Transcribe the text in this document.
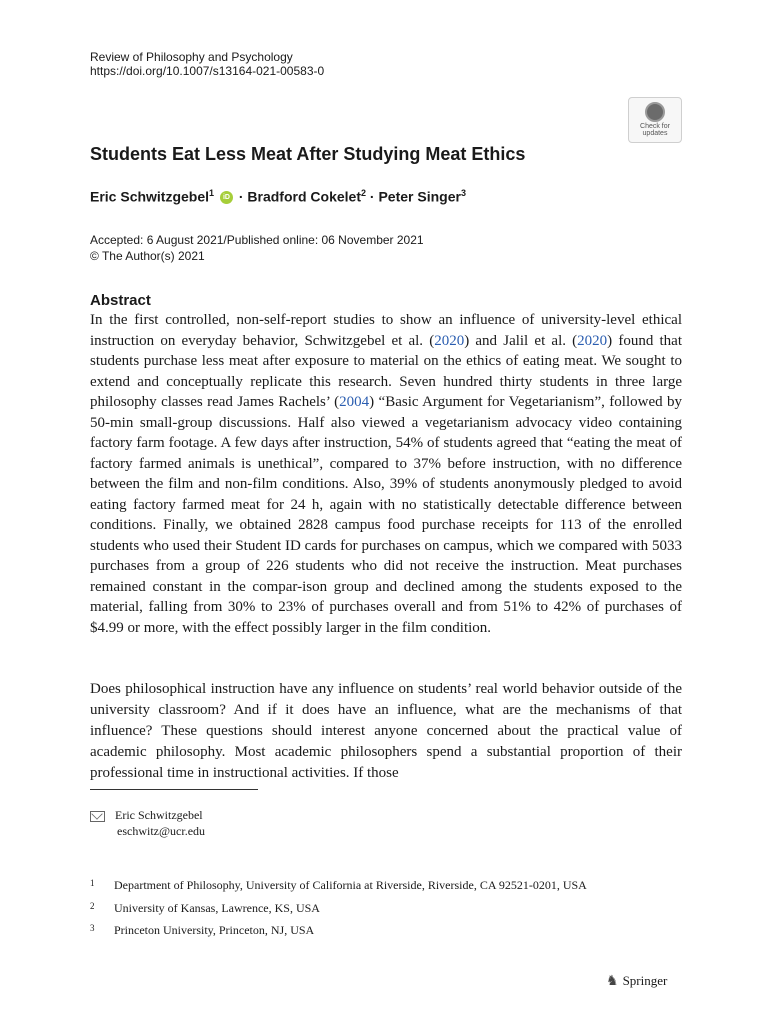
Review of Philosophy and Psychology
https://doi.org/10.1007/s13164-021-00583-0
Check for
updates
Students Eat Less Meat After Studying Meat Ethics
Eric Schwitzgebel$^1$ iD · Bradford Cokelet$^2$ · Peter Singer$^3$
Accepted: 6 August 2021/Published online: 06 November 2021
© The Author(s) 2021
Abstract

In the first controlled, non-self-report studies to show an influence of university-level ethical instruction on everyday behavior, Schwitzgebel et al. (2020) and Jalil et al. (2020) found that students purchase less meat after exposure to material on the ethics of eating meat. We sought to extend and conceptually replicate this research. Seven hundred thirty students in three large philosophy classes read James Rachels’ (2004) “Basic Argument for Vegetarianism”, followed by 50-min small-group discussions. Half also viewed a vegetarianism advocacy video containing factory farm footage. A few days after instruction, 54% of students agreed that “eating the meat of factory farmed animals is unethical”, compared to 37% before instruction, with no difference between the film and non-film conditions. Also, 39% of students anonymously pledged to avoid eating factory farmed meat for 24 h, again with no statistically detectable difference between conditions. Finally, we obtained 2828 campus food purchase receipts for 113 of the enrolled students who used their Student ID cards for purchases on campus, which we compared with 5033 purchases from a group of 226 students who did not receive the instruction. Meat purchases remained constant in the compar-ison group and declined among the students exposed to the material, falling from 30% to 23% of purchases overall and from 51% to 42% of purchases of $4.99 or more, with the effect possibly larger in the film condition.

Does philosophical instruction have any influence on students’ real world behavior outside of the university classroom? And if it does have an influence, what are the mechanisms of that influence? These questions should interest anyone concerned about the practical value of academic philosophy. Most academic philosophers spend a substantial proportion of their professional time in instructional activities. If those

Eric Schwitzgebel
eschwitz@ucr.edu
1 Department of Philosophy, University of California at Riverside, Riverside, CA 92521-0201, USA
2 University of Kansas, Lawrence, KS, USA
3 Princeton University, Princeton, NJ, USA
♞ Springer
